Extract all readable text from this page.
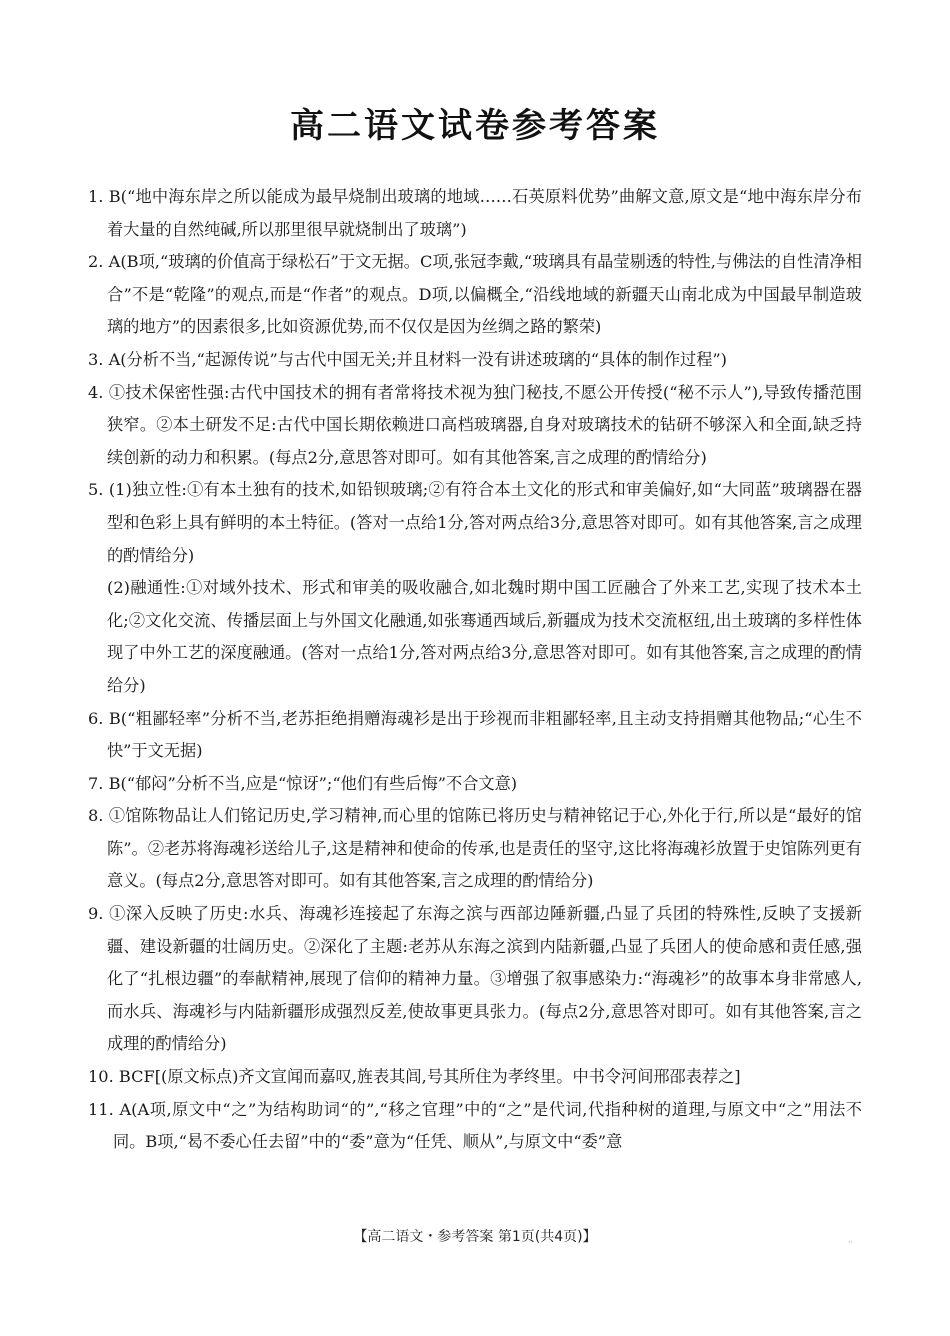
高二语文试卷参考答案

1. B(“地中海东岸之所以能成为最早烧制出玻璃的地域……石英原料优势”曲解文意,原文是“地中海东岸分布着大量的自然纯碱,所以那里很早就烧制出了玻璃”)

2. A(B项,“玻璃的价值高于绿松石”于文无据。C项,张冠李戴,“玻璃具有晶莹剔透的特性,与佛法的自性清净相合”不是“乾隆”的观点,而是“作者”的观点。D项,以偏概全,“沿线地域的新疆天山南北成为中国最早制造玻璃的地方”的因素很多,比如资源优势,而不仅仅是因为丝绸之路的繁荣)

3. A(分析不当,“起源传说”与古代中国无关;并且材料一没有讲述玻璃的“具体的制作过程”)

4. ①技术保密性强:古代中国技术的拥有者常将技术视为独门秘技,不愿公开传授(“秘不示人”),导致传播范围狭窄。②本土研发不足:古代中国长期依赖进口高档玻璃器,自身对玻璃技术的钻研不够深入和全面,缺乏持续创新的动力和积累。(每点2分,意思答对即可。如有其他答案,言之成理的酌情给分)

5. (1)独立性:①有本土独有的技术,如铅钡玻璃;②有符合本土文化的形式和审美偏好,如“大同蓝”玻璃器在器型和色彩上具有鲜明的本土特征。(答对一点给1分,答对两点给3分,意思答对即可。如有其他答案,言之成理的酌情给分)

(2)融通性:①对域外技术、形式和审美的吸收融合,如北魏时期中国工匠融合了外来工艺,实现了技术本土化;②文化交流、传播层面上与外国文化融通,如张骞通西域后,新疆成为技术交流枢纽,出土玻璃的多样性体现了中外工艺的深度融通。(答对一点给1分,答对两点给3分,意思答对即可。如有其他答案,言之成理的酌情给分)

6. B(“粗鄙轻率”分析不当,老苏拒绝捐赠海魂衫是出于珍视而非粗鄙轻率,且主动支持捐赠其他物品;“心生不快”于文无据)

7. B(“郁闷”分析不当,应是“惊讶”;“他们有些后悔”不合文意)

8. ①馆陈物品让人们铭记历史,学习精神,而心里的馆陈已将历史与精神铭记于心,外化于行,所以是“最好的馆陈”。②老苏将海魂衫送给儿子,这是精神和使命的传承,也是责任的坚守,这比将海魂衫放置于史馆陈列更有意义。(每点2分,意思答对即可。如有其他答案,言之成理的酌情给分)

9. ①深入反映了历史:水兵、海魂衫连接起了东海之滨与西部边陲新疆,凸显了兵团的特殊性,反映了支援新疆、建设新疆的壮阔历史。②深化了主题:老苏从东海之滨到内陆新疆,凸显了兵团人的使命感和责任感,强化了“扎根边疆”的奉献精神,展现了信仰的精神力量。③增强了叙事感染力:“海魂衫”的故事本身非常感人,而水兵、海魂衫与内陆新疆形成强烈反差,使故事更具张力。(每点2分,意思答对即可。如有其他答案,言之成理的酌情给分)

10. BCF[(原文标点)齐文宣闻而嘉叹,旌表其闾,号其所住为孝终里。中书令河间邢邵表荐之]

11. A(A项,原文中“之”为结构助词“的”,“移之官理”中的“之”是代词,代指种树的道理,与原文中“之”用法不同。B项,“曷不委心任去留”中的“委”意为“任凭、顺从”,与原文中“委”意

【高二语文・参考答案 第1页(共4页)】	··
